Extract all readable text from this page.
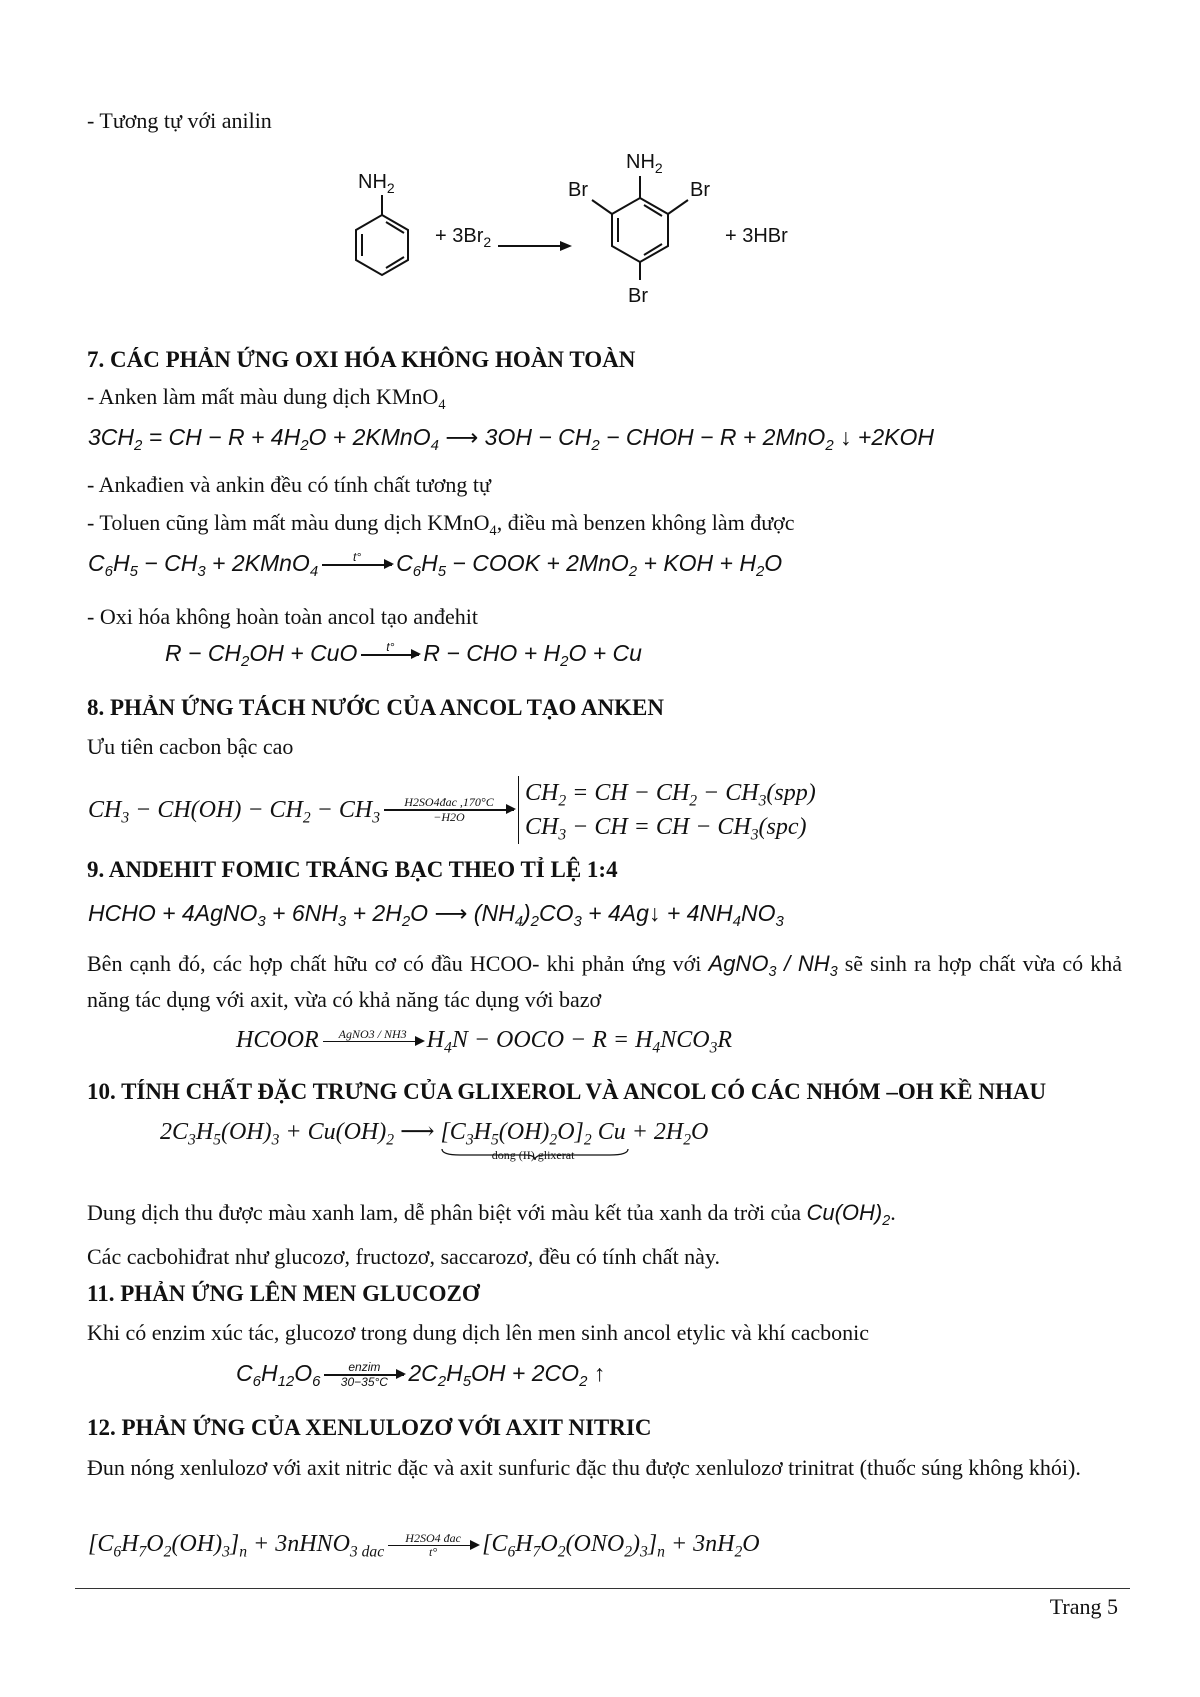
- Tương tự với anilin
$NH_2$
+ $3Br_2$
$NH_2$
Br	Br
Br
+ 3HBr
7. CÁC PHẢN ỨNG OXI HÓA KHÔNG HOÀN TOÀN
- Anken làm mất màu dung dịch KMnO$_4$
$3CH_2$ = CH − $R + 4H_2O$ + 2KMnO$_4$ ⟶ $3OH - CH_2$ − CHOH − R + 2MnO$_2$ ↓ +2KOH
- Ankađien và ankin đều có tính chất tương tự
- Toluen cũng làm mất màu dung dịch KMnO$_4$, điều mà benzen không làm được
$C_6H_5 - CH_3$ + 2KMnO$_4$
t°	$C_6H_5$ − COOK + 2MnO$_2$ + KOH + $H_2O$
- Oxi hóa không hoàn toàn ancol tạo anđehit
$R - CH_2OH$ + CuO	t°	R − CHO + $H_2O + Cu$
8. PHẢN ỨNG TÁCH NƯỚC CỦA ANCOL TẠO ANKEN
Ưu tiên cacbon bậc cao
$CH_3 - CH(OH) - CH_2 - CH_3$
H2SO4đac ,170°C
−H2O
$CH_2$ = CH − $CH_2 - CH_3(spp)$
$CH_3$ − CH = CH − $CH_3(spc)$
9. ANDEHIT FOMIC TRÁNG BẠC THEO TỈ LỆ 1:4
HCHO + 4AgNO$_3$ + $6NH_3 + 2H_2O$ ⟶ $(NH_4)_2CO_3$ + 4Ag↓ + $4NH_4NO_3$
Bên cạnh đó, các hợp chất hữu cơ có đầu HCOO- khi phản ứng với AgNO$_3$ / $NH_3$ sẽ sinh ra hợp chất vừa có khả năng tác dụng với axit, vừa có khả năng tác dụng với bazơ
HCOOR	AgNO3 / NH3 $H_4N$ − OOCO − $R = H_4NCO_3R$
10. TÍNH CHẤT ĐẶC TRƯNG CỦA GLIXEROL VÀ ANCOL CÓ CÁC NHÓM –OH KỀ NHAU
$2C_3H_5(OH)_3 + Cu(OH)_2$ ⟶ $[C_3H_5(OH)_2O]_2$ Cu
dong (II) glixerat
+ $2H_2O$
Dung dịch thu được màu xanh lam, dễ phân biệt với màu kết tủa xanh da trời của $Cu(OH)_2$.
Các cacbohiđrat như glucozơ, fructozơ, saccarozơ, đều có tính chất này.
11. PHẢN ỨNG LÊN MEN GLUCOZƠ
Khi có enzim xúc tác, glucozơ trong dung dịch lên men sinh ancol etylic và khí cacbonic
$C_6H_{12}O_6$
enzim
30−35°C $2C_2H_5OH + 2CO_2$ ↑
12. PHẢN ỨNG CỦA XENLULOZƠ VỚI AXIT NITRIC
Đun nóng xenlulozơ với axit nitric đặc và axit sunfuric đặc thu được xenlulozơ trinitrat (thuốc súng không khói).
$[C_6H_7O_2(OH)_3]_n$ + 3nHNO$_{3 dac}$
H2SO4 đac
t°	$[C_6H_7O_2(ONO_2)_3]_n + 3nH_2O$
Trang 5
